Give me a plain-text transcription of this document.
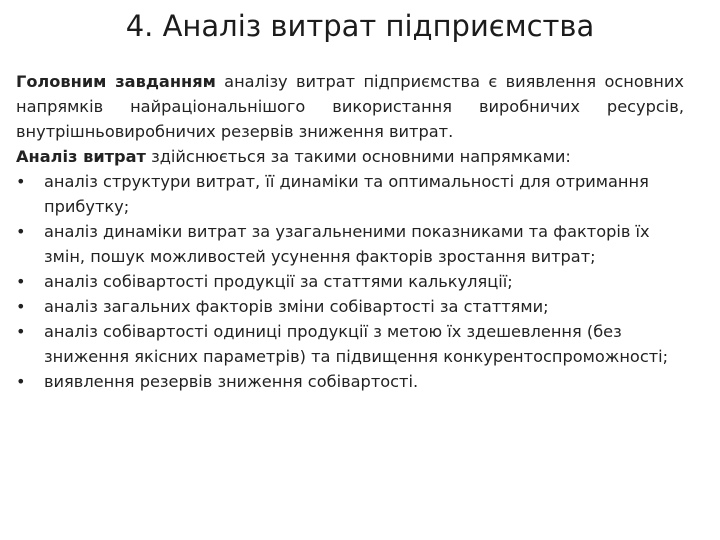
4. Аналіз витрат підприємства

Головним завданням аналізу витрат підприємства є виявлення основних напрямків найраціональнішого використання виробничих ресурсів, внутрішньовиробничих резервів зниження витрат.

Аналіз витрат здійснюється за такими основними напрямками:

•	аналіз структури витрат, її динаміки та оптимальності для отримання прибутку;
•	аналіз динаміки витрат за узагальненими показниками та факторів їх змін, пошук можливостей усунення факторів зростання витрат;
•	аналіз собівартості продукції за статтями калькуляції;
•	аналіз загальних факторів зміни собівартості за статтями;
•	аналіз собівартості одиниці продукції з метою їх здешевлення (без зниження якісних параметрів) та підвищення конкурентоспроможності;
•	виявлення резервів зниження собівартості.
